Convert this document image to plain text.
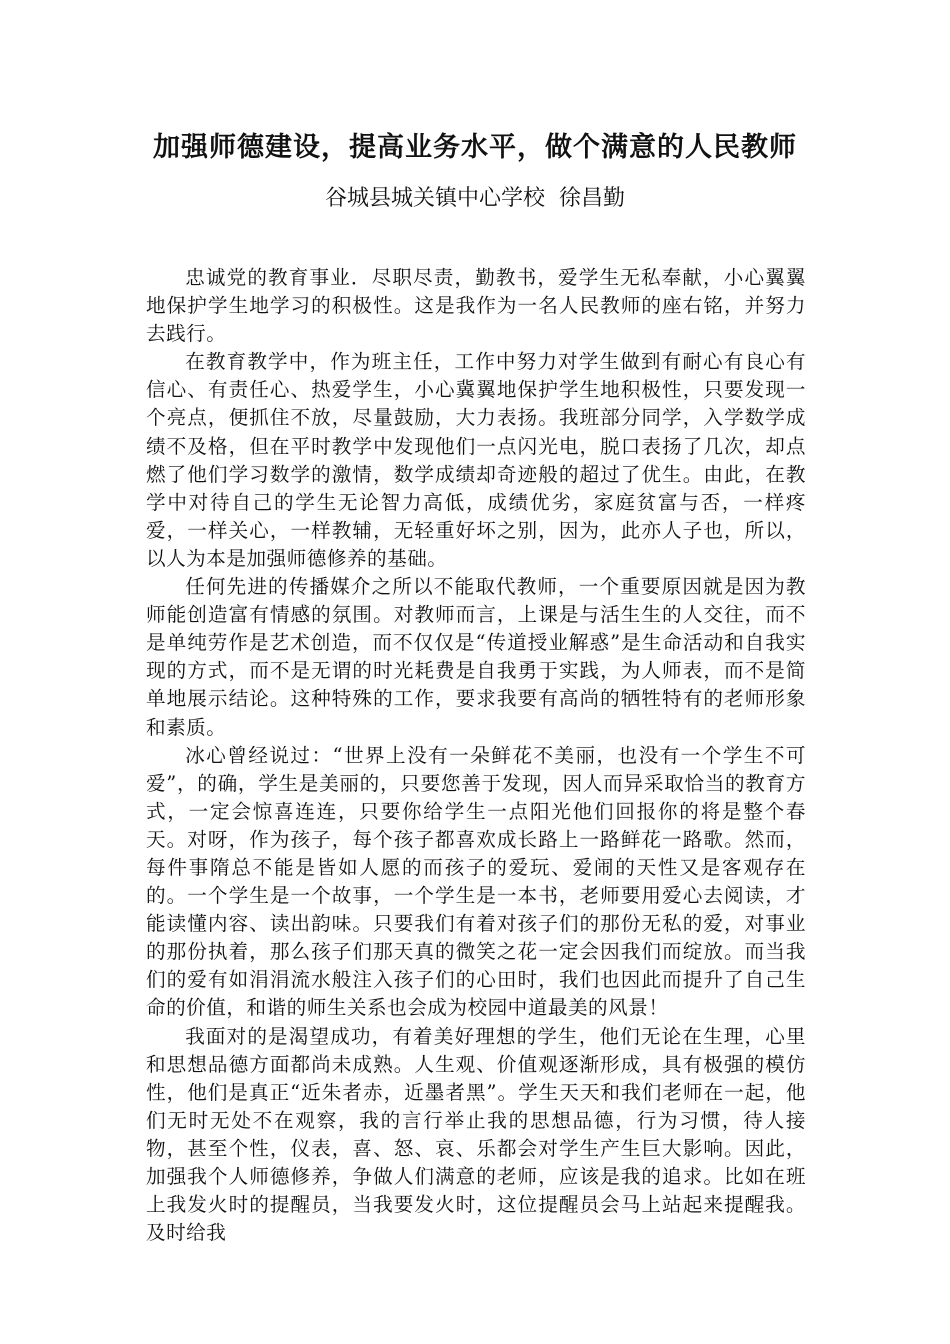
加强师德建设，提高业务水平，做个满意的人民教师
谷城县城关镇中心学校  徐昌勤

忠诚党的教育事业．尽职尽责，勤教书，爱学生无私奉献，小心翼翼地保护学生地学习的积极性。这是我作为一名人民教师的座右铭，并努力去践行。

在教育教学中，作为班主任，工作中努力对学生做到有耐心有良心有信心、有责任心、热爱学生，小心冀翼地保护学生地积极性，只要发现一个亮点，便抓住不放，尽量鼓励，大力表扬。我班部分同学，入学数学成绩不及格，但在平时教学中发现他们一点闪光电，脱口表扬了几次，却点燃了他们学习数学的激情，数学成绩却奇迹般的超过了优生。由此，在教学中对待自己的学生无论智力高低，成绩优劣，家庭贫富与否，一样疼爱，一样关心，一样教辅，无轻重好坏之别，因为，此亦人子也，所以，以人为本是加强师德修养的基础。

任何先进的传播媒介之所以不能取代教师，一个重要原因就是因为教师能创造富有情感的氛围。对教师而言，上课是与活生生的人交往，而不是单纯劳作是艺术创造，而不仅仅是“传道授业解惑”是生命活动和自我实现的方式，而不是无谓的时光耗费是自我勇于实践，为人师表，而不是简单地展示结论。这种特殊的工作，要求我要有高尚的牺牲特有的老师形象和素质。

冰心曾经说过：“世界上没有一朵鲜花不美丽，也没有一个学生不可爱”，的确，学生是美丽的，只要您善于发现，因人而异采取恰当的教育方式，一定会惊喜连连，只要你给学生一点阳光他们回报你的将是整个春天。对呀，作为孩子，每个孩子都喜欢成长路上一路鲜花一路歌。然而，每件事隋总不能是皆如人愿的而孩子的爱玩、爱闹的天性又是客观存在的。一个学生是一个故事，一个学生是一本书，老师要用爱心去阅读，才能读懂内容、读出韵味。只要我们有着对孩子们的那份无私的爱，对事业的那份执着，那么孩子们那天真的微笑之花一定会因我们而绽放。而当我们的爱有如涓涓流水般注入孩子们的心田时，我们也因此而提升了自己生命的价值，和谐的师生关系也会成为校园中道最美的风景！

我面对的是渴望成功，有着美好理想的学生，他们无论在生理，心里和思想品德方面都尚未成熟。人生观、价值观逐渐形成，具有极强的模仿性，他们是真正“近朱者赤，近墨者黑”。学生天天和我们老师在一起，他们无时无处不在观察，我的言行举止我的思想品德，行为习惯，待人接物，甚至个性，仪表，喜、怒、哀、乐都会对学生产生巨大影响。因此，加强我个人师德修养，争做人们满意的老师，应该是我的追求。比如在班上我发火时的提醒员，当我要发火时，这位提醒员会马上站起来提醒我。及时给我
